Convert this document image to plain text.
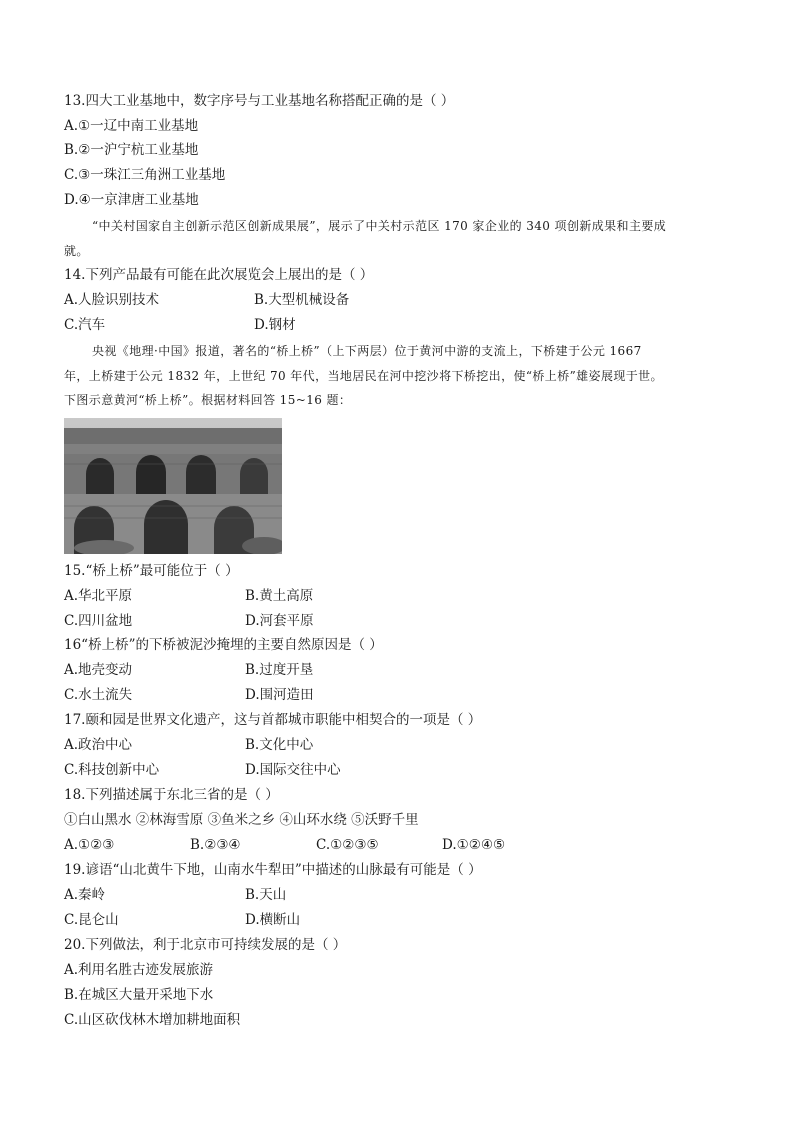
13.四大工业基地中，数字序号与工业基地名称搭配正确的是（ ）
A.①一辽中南工业基地
B.②一沪宁杭工业基地
C.③一珠江三角洲工业基地
D.④一京津唐工业基地
“中关村国家自主创新示范区创新成果展”，展示了中关村示范区 170 家企业的 340 项创新成果和主要成
就。
14.下列产品最有可能在此次展览会上展出的是（ ）
A.人脸识别技术	B.大型机械设备
C.汽车	D.钢材
央视《地理·中国》报道，著名的“桥上桥”（上下两层）位于黄河中游的支流上，下桥建于公元 1667
年，上桥建于公元 1832 年，上世纪 70 年代，当地居民在河中挖沙将下桥挖出，使“桥上桥”雄姿展现于世。
下图示意黄河“桥上桥”。根据材料回答 15~16 题：
15.“桥上桥”最可能位于（ ）
A.华北平原	B.黄土高原
C.四川盆地	D.河套平原
16“桥上桥”的下桥被泥沙掩埋的主要自然原因是（ ）
A.地壳变动	B.过度开垦
C.水土流失	D.围河造田
17.颐和园是世界文化遗产，这与首都城市职能中相契合的一项是（ ）
A.政治中心	B.文化中心
C.科技创新中心	D.国际交往中心
18.下列描述属于东北三省的是（ ）
①白山黑水 ②林海雪原 ③鱼米之乡 ④山环水绕 ⑤沃野千里
A.①②③	B.②③④	C.①②③⑤	D.①②④⑤
19.谚语“山北黄牛下地，山南水牛犁田”中描述的山脉最有可能是（ ）
A.秦岭	B.天山
C.昆仑山	D.横断山
20.下列做法，利于北京市可持续发展的是（ ）
A.利用名胜古迹发展旅游
B.在城区大量开采地下水
C.山区砍伐林木增加耕地面积
